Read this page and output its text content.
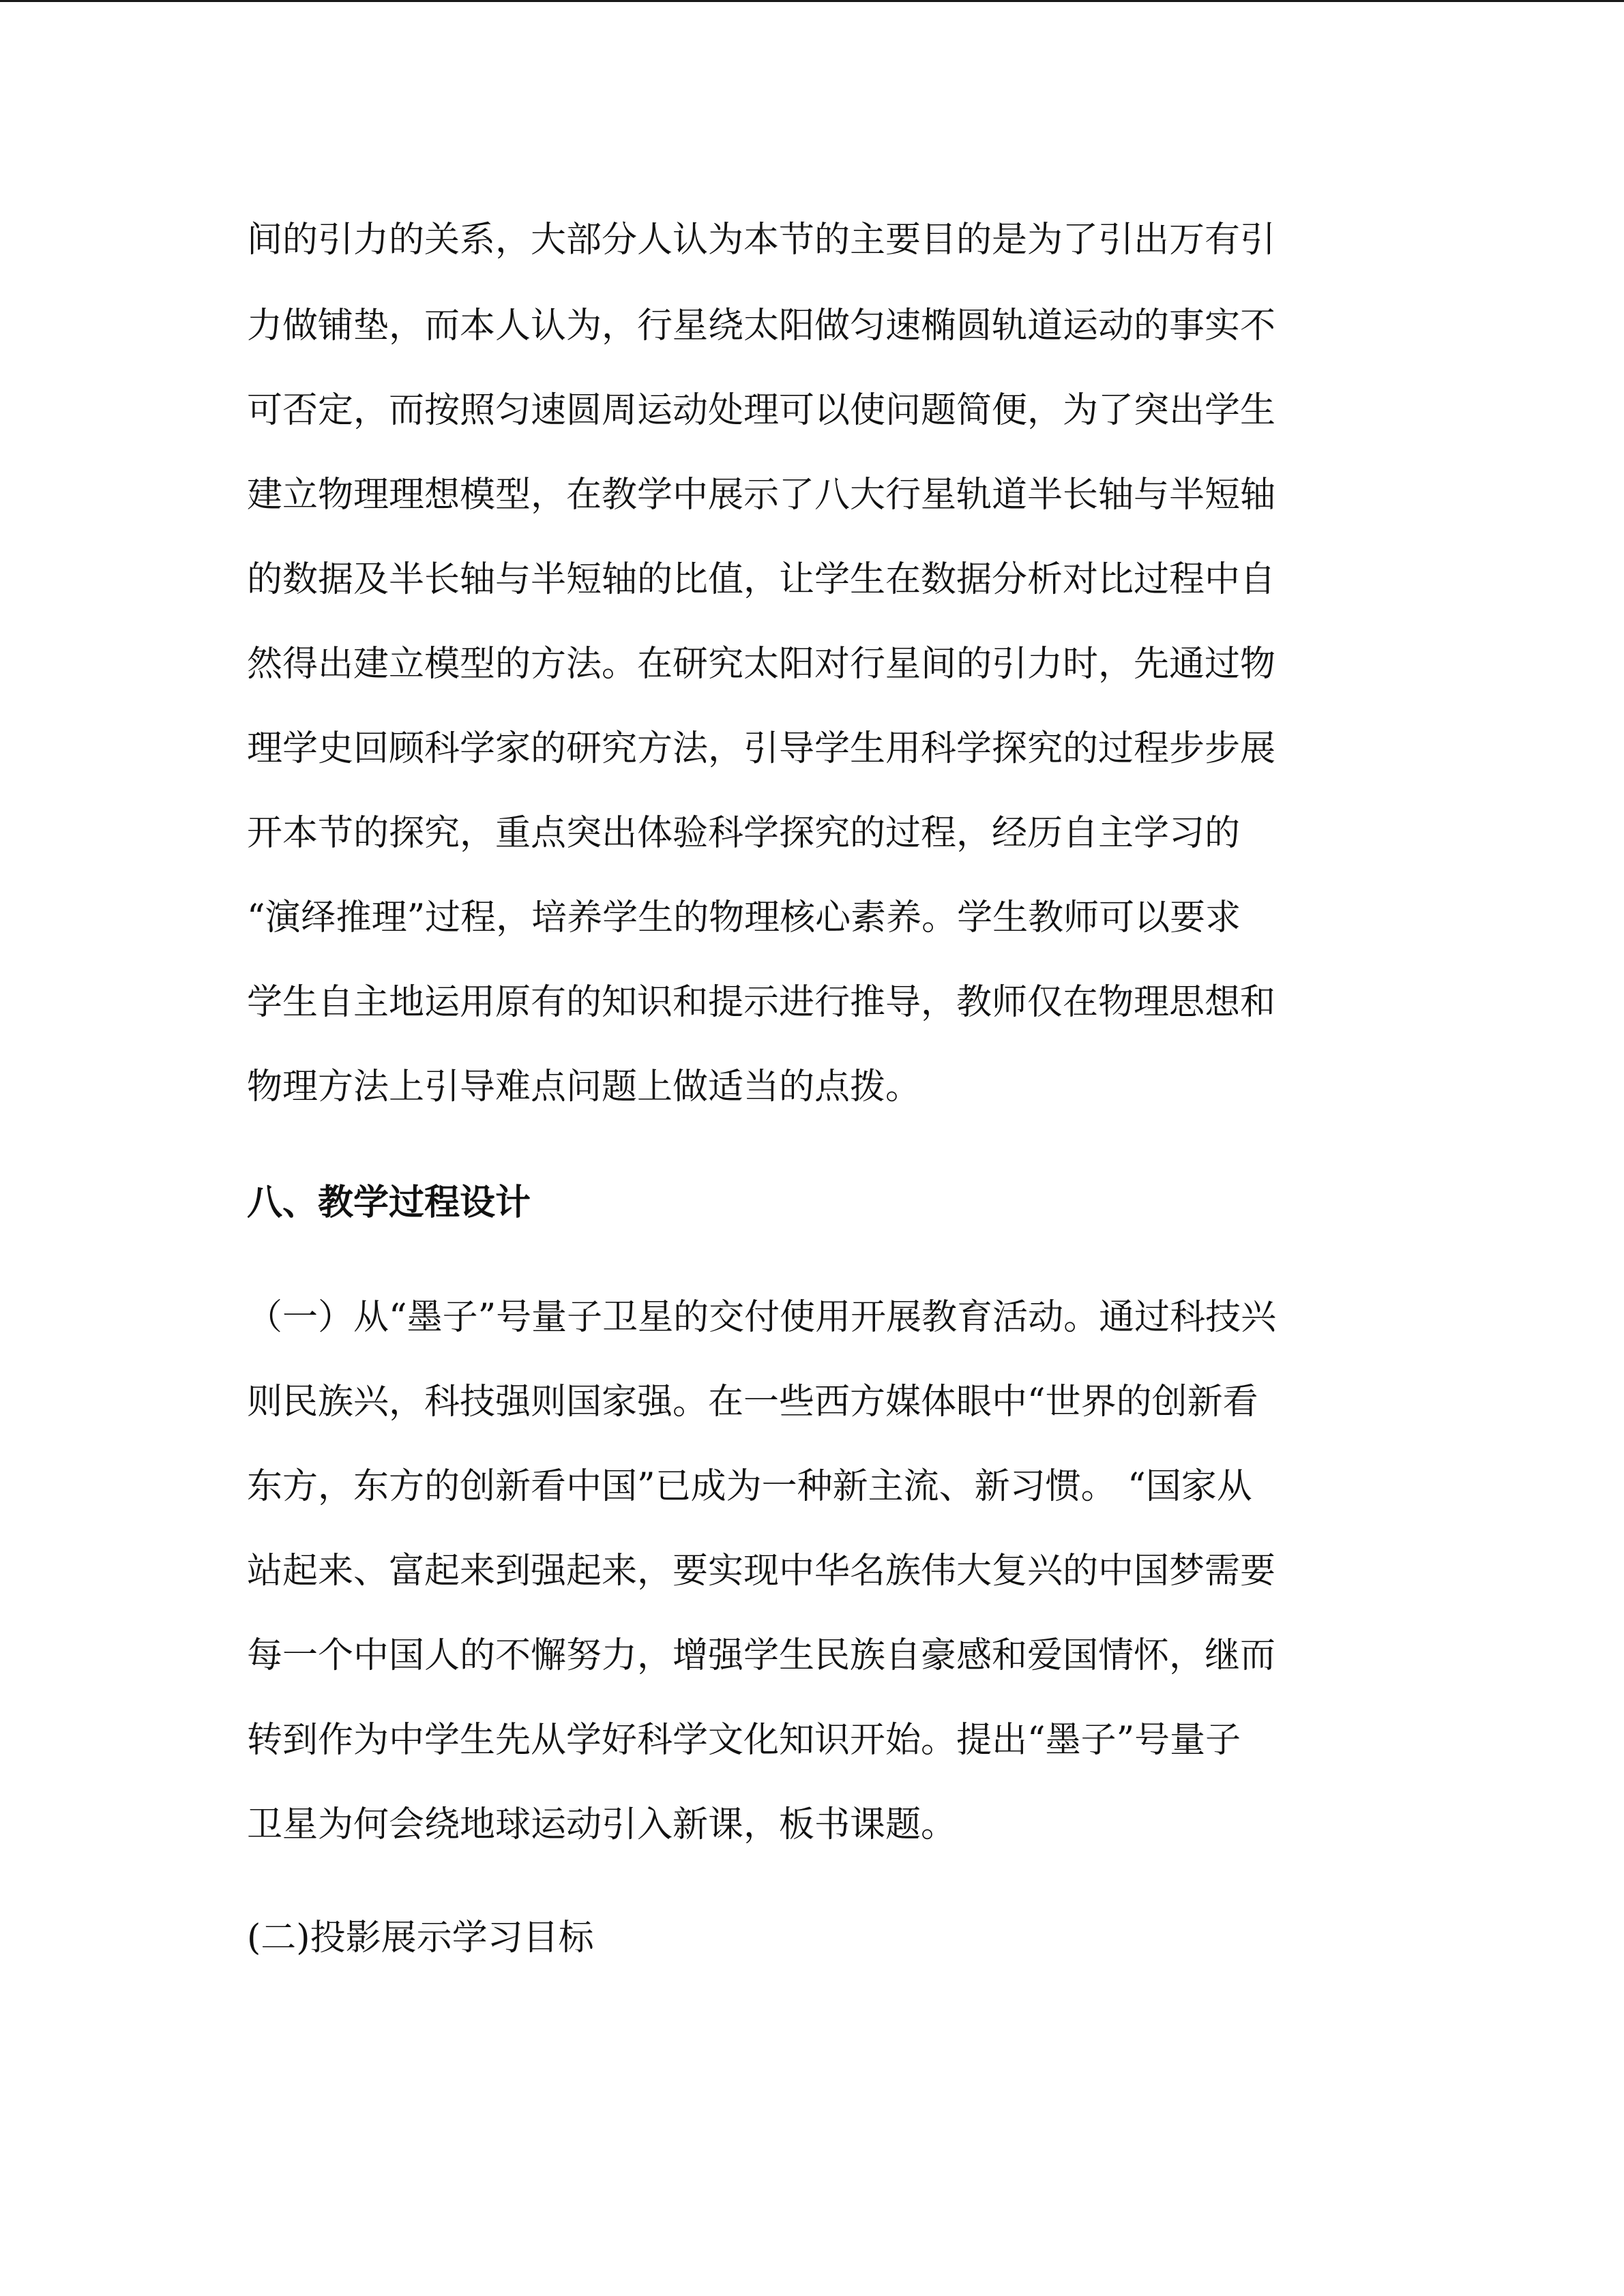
间的引力的关系，大部分人认为本节的主要目的是为了引出万有引
力做铺垫，而本人认为，行星绕太阳做匀速椭圆轨道运动的事实不
可否定，而按照匀速圆周运动处理可以使问题简便，为了突出学生
建立物理理想模型，在教学中展示了八大行星轨道半长轴与半短轴
的数据及半长轴与半短轴的比值，让学生在数据分析对比过程中自
然得出建立模型的方法。在研究太阳对行星间的引力时，先通过物
理学史回顾科学家的研究方法，引导学生用科学探究的过程步步展
开本节的探究，重点突出体验科学探究的过程，经历自主学习的
“演绎推理”过程，培养学生的物理核心素养。学生教师可以要求
学生自主地运用原有的知识和提示进行推导，教师仅在物理思想和
物理方法上引导难点问题上做适当的点拨。
八、教学过程设计
（一）从“墨子”号量子卫星的交付使用开展教育活动。通过科技兴
则民族兴，科技强则国家强。在一些西方媒体眼中“世界的创新看
东方，东方的创新看中国”已成为一种新主流、新习惯。 “国家从
站起来、富起来到强起来，要实现中华名族伟大复兴的中国梦需要
每一个中国人的不懈努力，增强学生民族自豪感和爱国情怀，继而
转到作为中学生先从学好科学文化知识开始。提出“墨子”号量子
卫星为何会绕地球运动引入新课，板书课题。
(二)投影展示学习目标
